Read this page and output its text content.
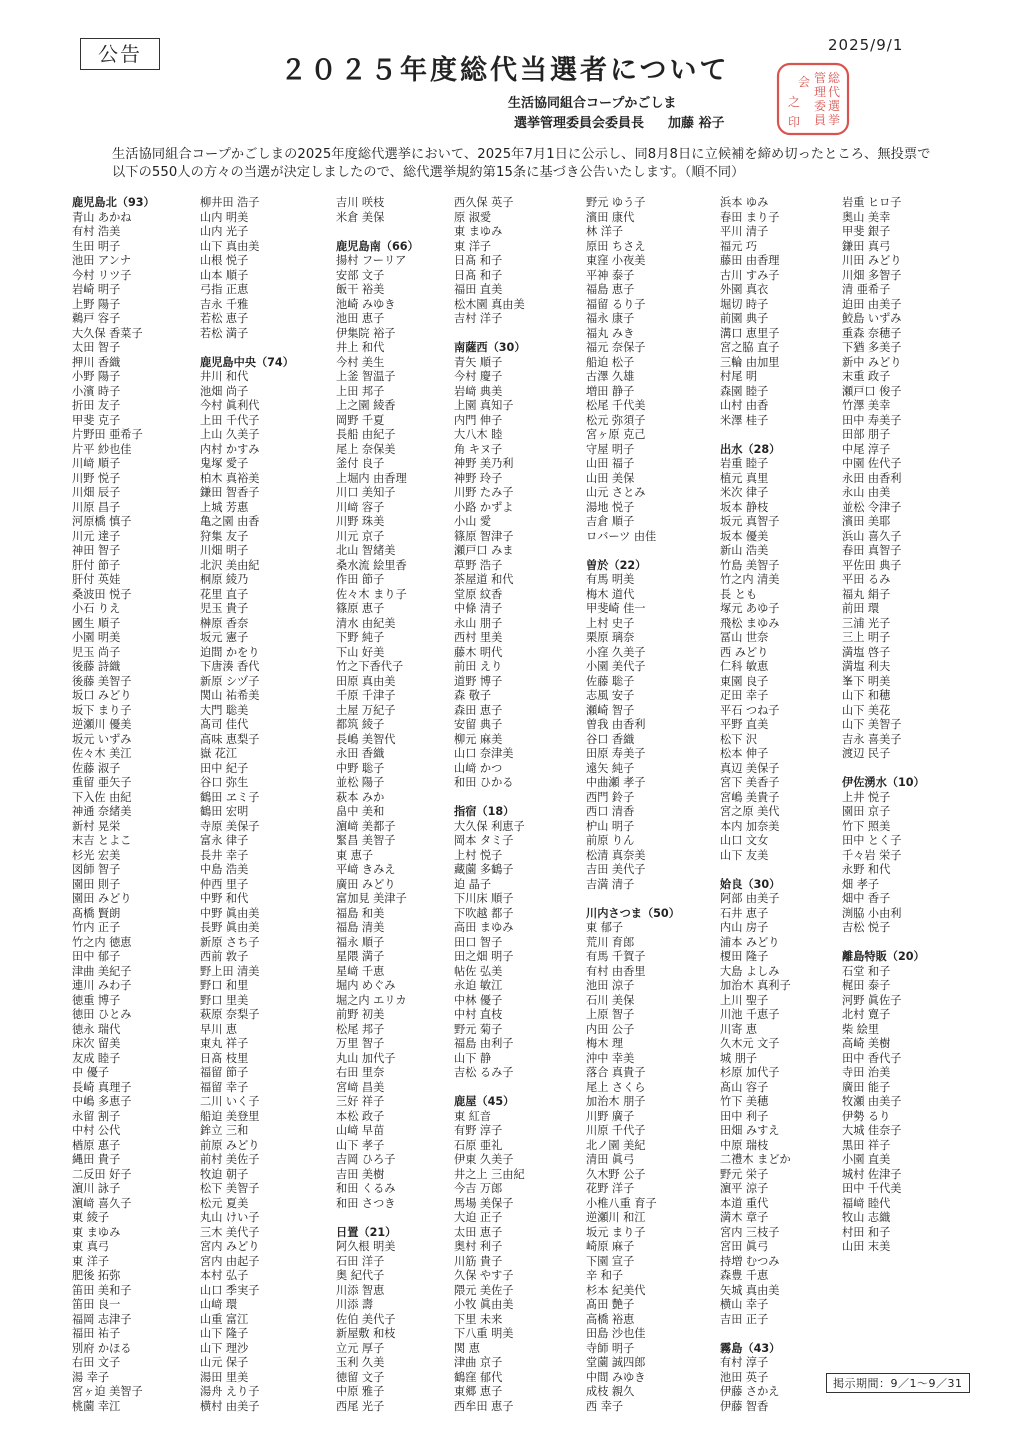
公告	2025/9/1
２０２５年度総代当選者について
生活協同組合コープかごしま
選挙管理委員会委員長 加藤 裕子
総
代
選
挙
管
理
委
員
会
之
印
生活協同組合コープかごしまの2025年度総代選挙において、2025年7月1日に公示し、同8月8日に立候補を締め切ったところ、無投票で以下の550人の方々の当選が決定しましたので、総代選挙規約第15条に基づき公告いたします。（順不同）
鹿児島北（93）
青山 あかね
有村 浩美
生田 明子
池田 アンナ
今村 リツ子
岩崎 明子
上野 陽子
鵜戸 容子
大久保 香菜子
太田 智子
押川 香織
小野 陽子
小濱 時子
折田 友子
甲斐 克子
片野田 亜希子
片平 紗也佳
川﨑 順子
川野 悦子
川畑 辰子
川原 昌子
河原橋 慎子
川元 達子
神田 智子
肝付 節子
肝付 英娃
桑波田 悦子
小石 りえ
國生 順子
小園 明美
児玉 尚子
後藤 詩織
後藤 美智子
坂口 みどり
坂下 まり子
逆瀬川 優美
坂元 いずみ
佐々木 美江
佐藤 淑子
重留 亜矢子
下入佐 由紀
神通 奈緒美
新村 晃栄
末吉 とよこ
杉光 宏美
図師 智子
園田 則子
園田 みどり
髙橋 賢朗
竹内 正子
竹之内 徳恵
田中 郁子
津曲 美紀子
連川 みわ子
徳重 博子
徳田 ひとみ
徳永 瑞代
床次 留美
友成 睦子
中 優子
長崎 真理子
中嶋 多恵子
永留 割子
中村 公代
楢原 惠子
縄田 貴子
二反田 好子
濵川 詠子
濵﨑 喜久子
東 綾子
東 まゆみ
東 真弓
東 洋子
肥後 拓弥
笛田 美和子
笛田 良一
福岡 志津子
福田 祐子
別府 かほる
右田 文子
湯 幸子
宮ヶ迫 美智子
桃薗 幸江
柳井田 浩子
山内 明美
山内 光子
山下 真由美
山根 悦子
山本 順子
弓指 正恵
吉永 千雅
若松 恵子
若松 満子
鹿児島中央（74）
井川 和代
池畑 尚子
今村 眞利代
上田 千代子
上山 久美子
内村 かすみ
鬼塚 愛子
柏木 真裕美
鎌田 智香子
上城 芳惠
亀之園 由香
狩集 友子
川畑 明子
北沢 美由紀
桐原 綾乃
花里 直子
児玉 貴子
榊原 香奈
坂元 憲子
迫間 かをり
下唐湊 香代
新原 シヅ子
関山 祐希美
大門 聡美
髙司 佳代
高味 恵梨子
嶽 花江
田中 紀子
谷口 弥生
鶴田 ヱミ子
鶴田 宏明
寺原 美保子
富永 律子
長井 幸子
中島 浩美
仲西 里子
中野 和代
中野 眞由美
長野 眞由美
新原 さち子
西前 敦子
野上田 清美
野口 和里
野口 里美
萩原 奈梨子
早川 恵
東丸 祥子
日髙 枝里
福留 節子
福留 幸子
二川 いく子
船迫 美登里
鉾立 三和
前原 みどり
前村 美佐子
牧迫 朝子
松下 美智子
松元 夏美
丸山 けい子
三木 美代子
宮内 みどり
宮内 由起子
本村 弘子
山口 季実子
山﨑 環
山重 富江
山下 隆子
山下 理沙
山元 保子
湯田 里美
湯舟 えり子
横村 由美子
吉川 咲枝
米倉 美保
鹿児島南（66）
揚村 フーリア
安部 文子
飯干 裕美
池崎 みゆき
池田 恵子
伊集院 裕子
井上 和代
今村 美生
上釜 智温子
上田 邦子
上之園 綾香
岡野 千夏
長船 由紀子
尾上 奈保美
釜付 良子
上堀内 由香理
川口 美知子
川﨑 容子
川野 珠美
川元 京子
北山 智緒美
桑水流 絵里香
作田 節子
佐々木 まり子
篠原 恵子
清水 由紀美
下野 純子
下山 好美
竹之下香代子
田原 真由美
千原 千津子
土屋 万紀子
都筑 綾子
長嶋 美智代
永田 香織
中野 聡子
並松 陽子
萩本 みか
畠中 美和
濵﨑 美都子
緊昌 美智子
東 恵子
平﨑 きみえ
廣田 みどり
富加見 美津子
福島 和美
福島 清美
福永 順子
星隈 満子
星﨑 千恵
堀内 めぐみ
堀之内 エリカ
前野 初美
松尾 邦子
万里 智子
丸山 加代子
右田 里奈
宮﨑 昌美
三好 祥子
本松 政子
山﨑 早苗
山下 孝子
吉岡 ひろ子
吉田 美樹
和田 くるみ
和田 さつき
日置（21）
阿久根 明美
石田 洋子
奥 紀代子
川添 智恵
川添 壽
佐伯 美代子
新屋敷 和枝
立元 厚子
玉利 久美
徳留 文子
中原 雅子
西尾 光子
西久保 英子
原 淑愛
東 まゆみ
東 洋子
日髙 和子
日髙 和子
福田 直美
松木園 真由美
吉村 洋子
南薩西（30）
青矢 順子
今村 慶子
岩﨑 典美
上園 真知子
内門 伸子
大八木 睦
角 キヌ子
神野 美乃利
神野 玲子
川野 たみ子
小路 かずよ
小山 愛
篠原 智津子
瀬戸口 みま
草野 浩子
茶屋道 和代
堂原 紋香
中條 清子
永山 朋子
西村 里美
藤木 明代
前田 えり
道野 博子
森 敬子
森田 恵子
安留 典子
柳元 麻美
山口 奈津美
山﨑 かつ
和田 ひかる
指宿（18）
大久保 利恵子
岡本 タミ子
上村 悦子
藏薗 多鶴子
迫 晶子
下川床 順子
下吹越 都子
高田 まゆみ
田口 智子
田之畑 明子
帖佐 弘美
永迫 敏江
中林 優子
中村 直枝
野元 菊子
福島 由利子
山下 静
吉松 るみ子
鹿屋（45）
東 紅音
有野 淳子
石原 亜礼
伊東 久美子
井之上 三由紀
今吉 万郎
馬場 美保子
大迫 正子
太田 恵子
奥村 利子
川筋 貴子
久保 やす子
隈元 美佐子
小牧 眞由美
下里 未来
下八重 明美
関 恵
津曲 京子
鶴窪 郁代
東郷 恵子
西牟田 恵子
野元 ゆう子
濱田 康代
林 洋子
原田 ちさえ
東窪 小夜美
平神 泰子
福島 恵子
福留 るり子
福永 康子
福丸 みき
福元 奈保子
船迫 松子
古澤 久雄
増田 静子
松尾 千代美
松元 弥須子
宮ヶ原 克己
守屋 明子
山田 福子
山田 美保
山元 さとみ
湯地 悦子
吉倉 順子
ロバーツ 由佳
曽於（22）
有馬 明美
梅木 道代
甲斐崎 佳一
上村 史子
栗原 璃奈
小窪 久美子
小園 美代子
佐藤 聡子
志風 安子
瀬崎 智子
曽我 由香利
谷口 香織
田原 寿美子
遠矢 純子
中曲瀬 孝子
西門 鈴子
西口 清香
枦山 明子
前原 りん
松清 真奈美
吉田 美代子
吉満 清子
川内さつま（50）
東 郁子
荒川 育郎
有馬 千賀子
有村 由香里
池田 涼子
石川 美保
上原 智子
内田 公子
梅木 理
沖中 幸美
落合 真貴子
尾上 さくら
加治木 朋子
川野 廣子
川原 千代子
北ノ園 美紀
清田 眞弓
久木野 公子
花野 洋子
小椎八重 育子
逆瀬川 和江
坂元 まり子
崎原 麻子
下園 宣子
辛 和子
杉本 紀美代
髙田 艶子
高橋 裕恵
田島 沙也佳
寺師 明子
堂薗 誠四郎
中間 みゆき
成枝 親久
西 幸子
浜本 ゆみ
春田 まり子
平川 清子
福元 巧
藤田 由香理
古川 すみ子
外園 真衣
堀切 時子
前園 典子
溝口 恵里子
宮之脇 直子
三輪 由加里
村尾 明
森園 睦子
山村 由香
米澤 桂子
出水（28）
岩重 睦子
植元 真里
米次 律子
坂本 静枝
坂元 真智子
坂本 優美
新山 浩美
竹島 美智子
竹之内 清美
長 とも
塚元 あゆ子
飛松 まゆみ
冨山 世奈
西 みどり
仁科 敏恵
東園 良子
疋田 幸子
平石 つね子
平野 直美
松下 沢
松本 伸子
真辺 美保子
宮下 美香子
宮嶋 美貴子
宮之原 美代
本内 加奈美
山口 文女
山下 友美
姶良（30）
阿部 由美子
石井 恵子
内山 房子
浦本 みどり
榎田 隆子
大島 よしみ
加治木 真利子
上川 聖子
川池 千恵子
川寄 恵
久木元 文子
城 朋子
杉原 加代子
髙山 容子
竹下 美穂
田中 利子
田畑 みすえ
中原 瑞枝
二禮木 まどか
野元 栄子
濵平 涼子
本道 重代
満木 章子
宮内 三枝子
宮田 眞弓
持増 むつみ
森豊 千恵
矢城 真由美
横山 幸子
吉田 正子
霧島（43）
有村 淳子
池田 英子
伊藤 さかえ
伊藤 智香
岩重 ヒロ子
奥山 美幸
甲斐 銀子
鎌田 真弓
川田 みどり
川畑 多智子
清 亜希子
迫田 由美子
鮫島 いずみ
重森 奈穂子
下猶 多美子
新中 みどり
末重 政子
瀬戸口 俊子
竹澤 美幸
田中 寿美子
田部 朋子
中尾 淳子
中園 佐代子
永田 由香利
永山 由美
並松 令津子
濱田 美耶
浜山 喜久子
春田 真智子
平佐田 典子
平田 るみ
福丸 絹子
前田 環
三浦 光子
三上 明子
満塩 啓子
満塩 利夫
峯下 明美
山下 和穂
山下 美花
山下 美智子
吉永 喜美子
渡辺 民子
伊佐湧水（10）
上井 悦子
園田 京子
竹下 照美
田中 とく子
千々岩 栄子
永野 和代
畑 孝子
畑中 香子
渕脇 小由利
吉松 悦子
離島特販（20）
石堂 和子
梶田 泰子
河野 眞佐子
北村 寛子
柴 絵里
高崎 美樹
田中 香代子
寺田 治美
廣田 能子
牧瀬 由美子
伊勢 るり
大城 佳奈子
黒田 祥子
小園 直美
城村 佐津子
田中 千代美
福﨑 睦代
牧山 志織
村田 和子
山田 末美
掲示期間：9／1～9／31
